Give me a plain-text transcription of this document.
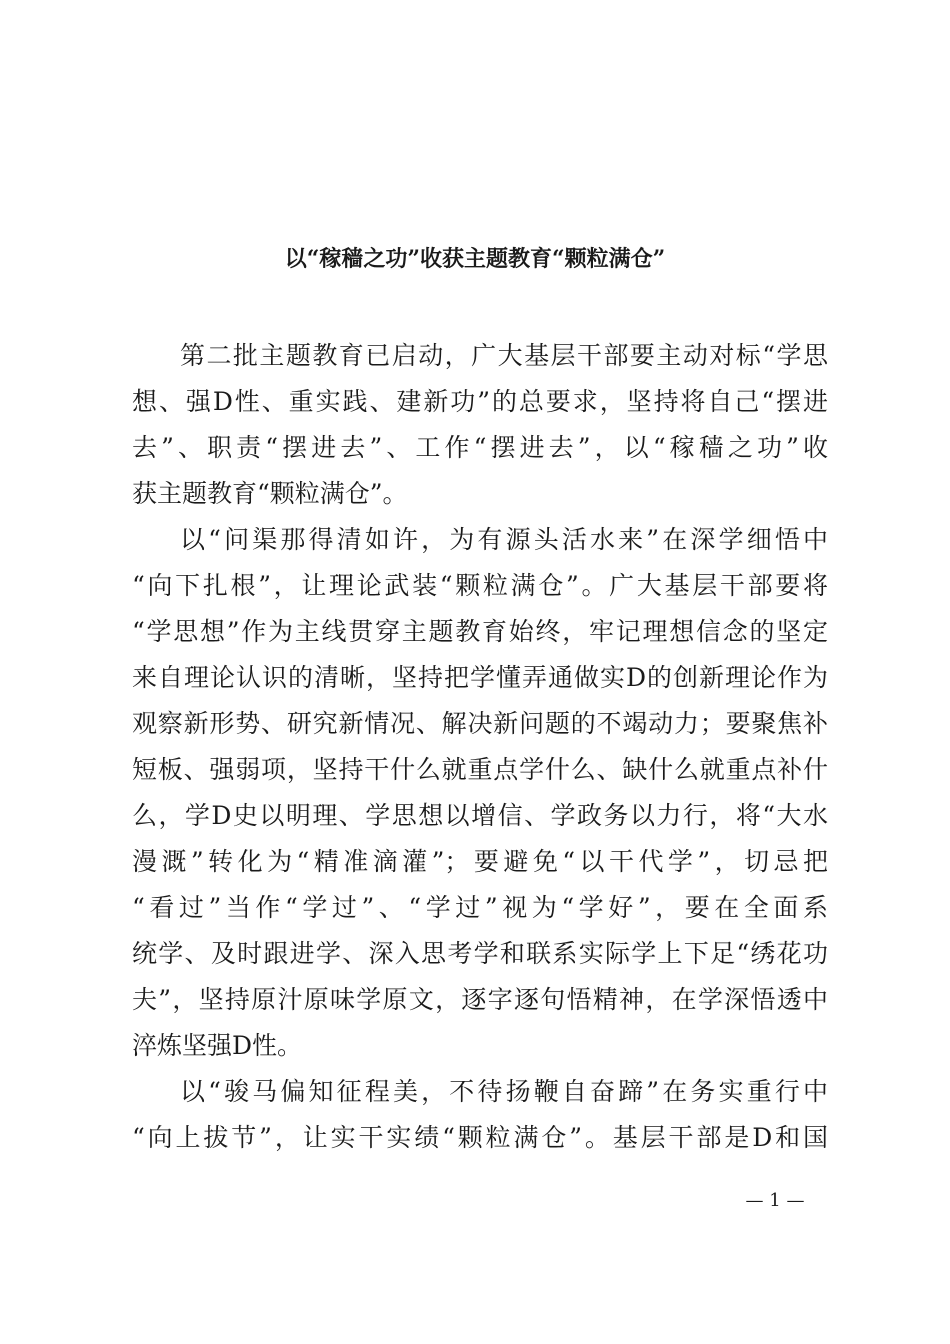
以“稼穑之功”收获主题教育“颗粒满仓”
第二批主题教育已启动，广大基层干部要主动对标“学思
想、强D性、重实践、建新功”的总要求，坚持将自己“摆进
去”、职责“摆进去”、工作“摆进去”，以“稼穑之功”收
获主题教育“颗粒满仓”。
以“问渠那得清如许，为有源头活水来”在深学细悟中
“向下扎根”，让理论武装“颗粒满仓”。广大基层干部要将
“学思想”作为主线贯穿主题教育始终，牢记理想信念的坚定
来自理论认识的清晰，坚持把学懂弄通做实D的创新理论作为
观察新形势、研究新情况、解决新问题的不竭动力；要聚焦补
短板、强弱项，坚持干什么就重点学什么、缺什么就重点补什
么，学D史以明理、学思想以增信、学政务以力行，将“大水
漫溉”转化为“精准滴灌”；要避免“以干代学”，切忌把
“看过”当作“学过”、“学过”视为“学好”，要在全面系
统学、及时跟进学、深入思考学和联系实际学上下足“绣花功
夫”，坚持原汁原味学原文，逐字逐句悟精神，在学深悟透中
淬炼坚强D性。
以“骏马偏知征程美，不待扬鞭自奋蹄”在务实重行中
“向上拔节”，让实干实绩“颗粒满仓”。基层干部是D和国
— 1 —
